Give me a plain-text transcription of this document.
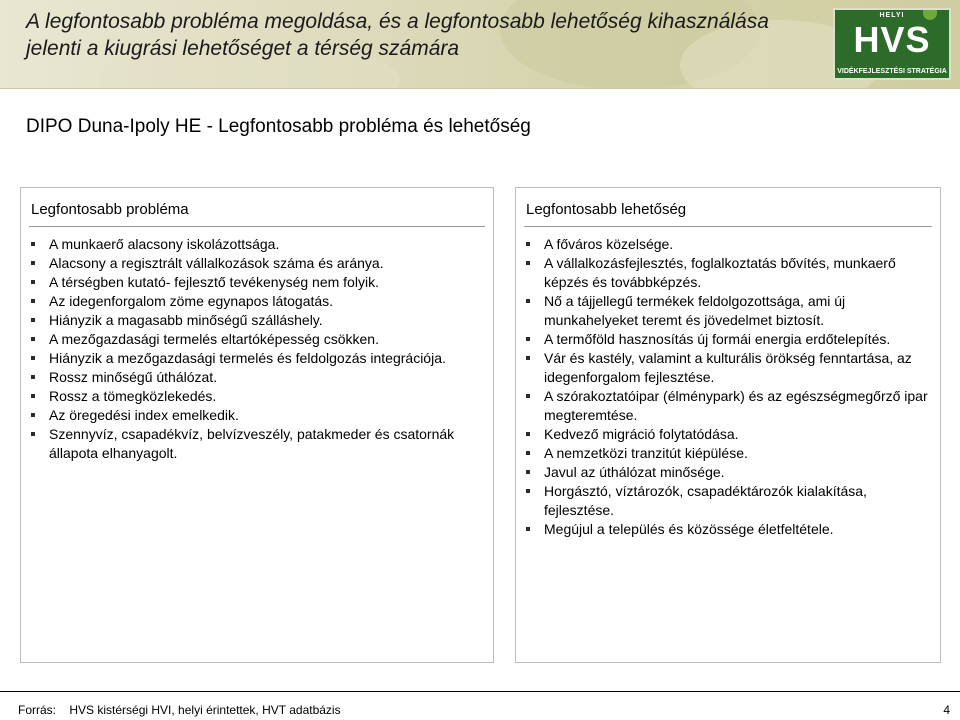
A legfontosabb probléma megoldása, és a legfontosabb lehetőség kihasználása
jelenti a kiugrási lehetőséget a térség számára
HELYI
HVS
VIDÉKFEJLESZTÉSI STRATÉGIA
DIPO Duna-Ipoly HE - Legfontosabb probléma és lehetőség
Legfontosabb probléma
A munkaerő alacsony iskolázottsága.
Alacsony a regisztrált vállalkozások száma és aránya.
A térségben kutató- fejlesztő tevékenység nem folyik.
Az idegenforgalom zöme egynapos látogatás.
Hiányzik a magasabb minőségű szálláshely.
A mezőgazdasági termelés eltartóképesség csökken.
Hiányzik a mezőgazdasági termelés és feldolgozás integrációja.
Rossz minőségű úthálózat.
Rossz a tömegközlekedés.
Az öregedési index emelkedik.
Szennyvíz, csapadékvíz, belvízveszély, patakmeder és csatornák állapota elhanyagolt.
Legfontosabb lehetőség
A főváros közelsége.
A vállalkozásfejlesztés, foglalkoztatás bővítés, munkaerő képzés és továbbképzés.
Nő a tájjellegű termékek feldolgozottsága, ami új munkahelyeket teremt és jövedelmet biztosít.
A termőföld hasznosítás új formái energia erdőtelepítés.
Vár és kastély, valamint a kulturális örökség fenntartása, az idegenforgalom fejlesztése.
A szórakoztatóipar (élménypark) és az egészségmegőrző ipar megteremtése.
Kedvező migráció folytatódása.
A nemzetközi tranzitút kiépülése.
Javul az úthálózat minősége.
Horgásztó, víztározók, csapadéktározók kialakítása, fejlesztése.
Megújul a település és közössége életfeltétele.
Forrás: HVS kistérségi HVI, helyi érintettek, HVT adatbázis	4
